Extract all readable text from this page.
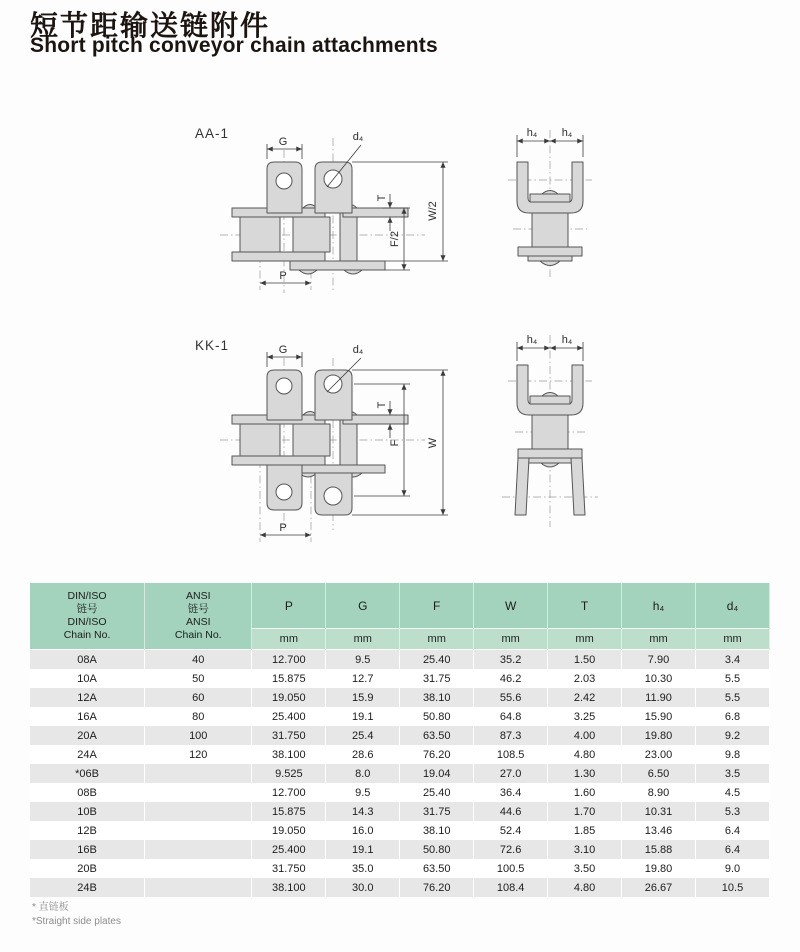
短节距输送链附件
Short pitch conveyor chain attachments
AA-1
G	d₄
T
F/2
W/2
P
h₄ h₄
KK-1	G	d₄
T
F W
P
h₄ h₄
DIN/ISO
链号
DIN/ISO
Chain No.

ANSI
链号
ANSI
Chain No.
	P	G	F	W	T	h₄	d₄
		mm	mm	mm	mm	mm	mm	mm
08A	40	12.700	9.5	25.40	35.2	1.50	7.90	3.4
10A	50	15.875	12.7	31.75	46.2	2.03	10.30	5.5
12A	60	19.050	15.9	38.10	55.6	2.42	11.90	5.5
16A	80	25.400	19.1	50.80	64.8	3.25	15.90	6.8
20A	100	31.750	25.4	63.50	87.3	4.00	19.80	9.2
24A	120	38.100	28.6	76.20	108.5	4.80	23.00	9.8
*06B		9.525	8.0	19.04	27.0	1.30	6.50	3.5
08B		12.700	9.5	25.40	36.4	1.60	8.90	4.5
10B		15.875	14.3	31.75	44.6	1.70	10.31	5.3
12B		19.050	16.0	38.10	52.4	1.85	13.46	6.4
16B		25.400	19.1	50.80	72.6	3.10	15.88	6.4
20B		31.750	35.0	63.50	100.5	3.50	19.80	9.0
24B		38.100	30.0	76.20	108.4	4.80	26.67	10.5
* 直链板
*Straight side plates
